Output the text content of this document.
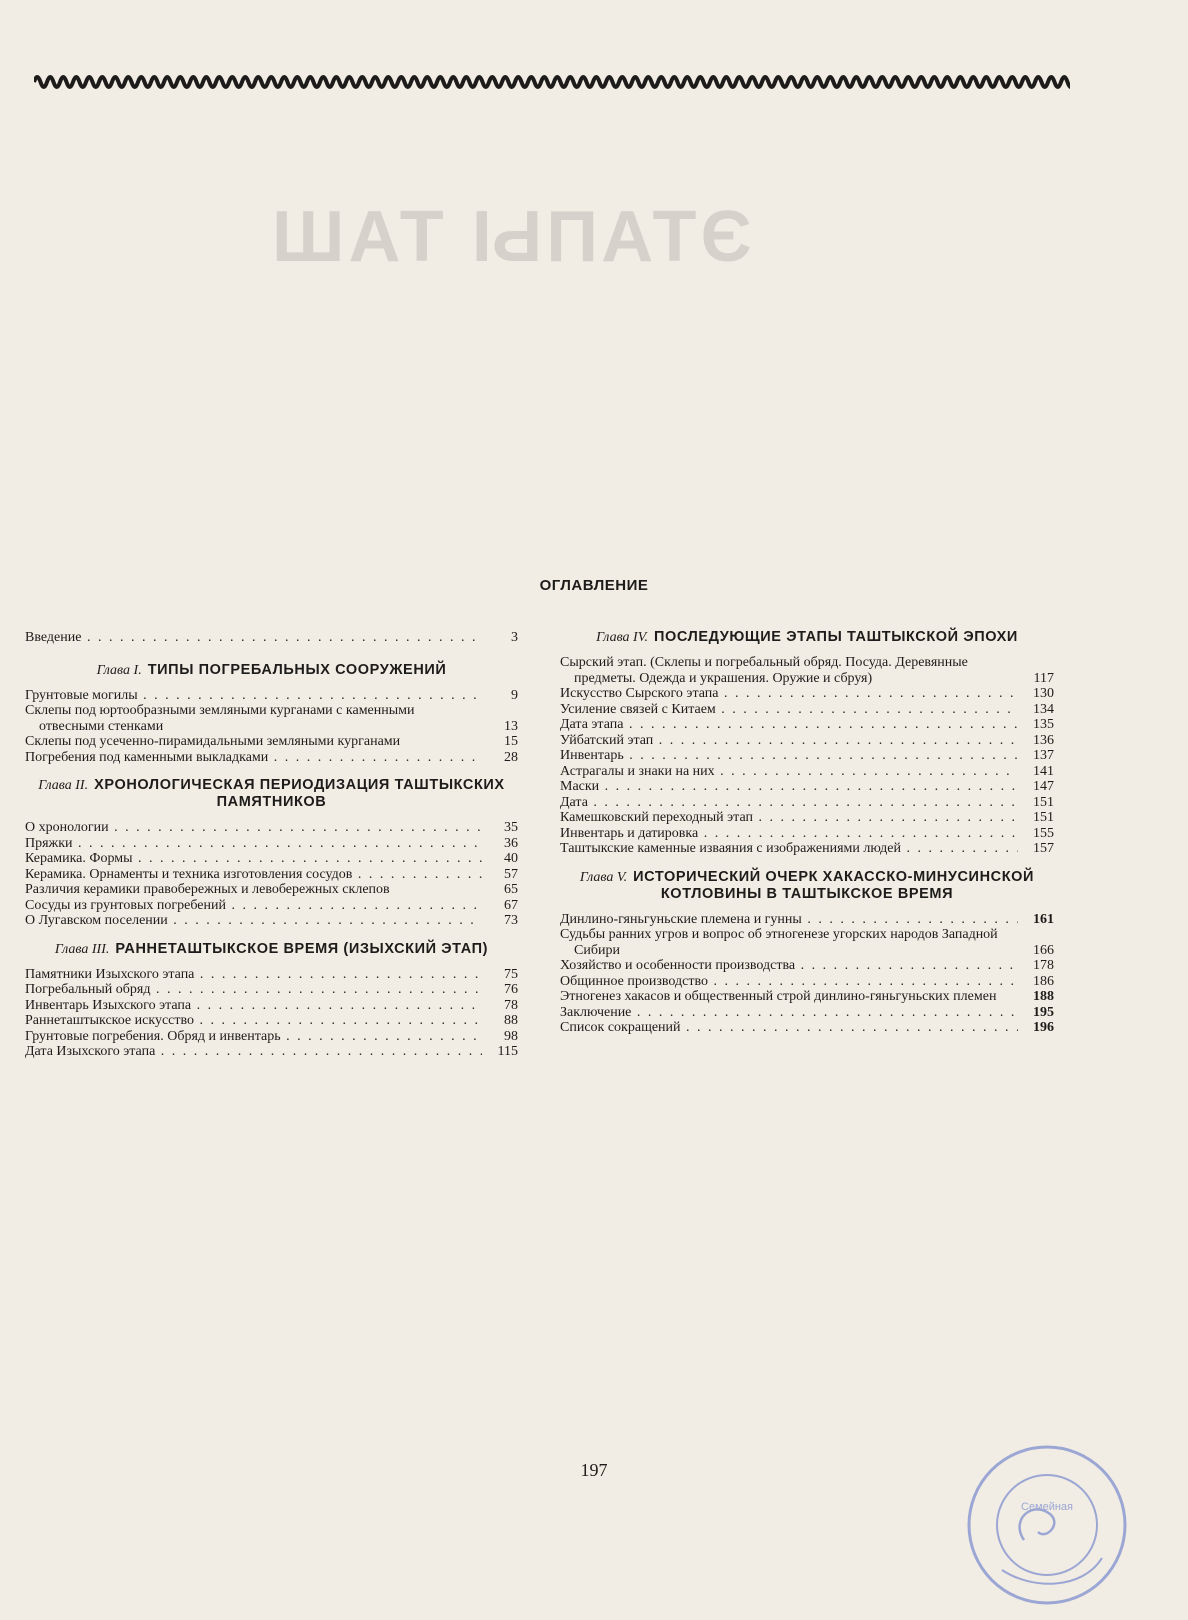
ЭТАПЫ ТАШ
ОГЛАВЛЕНИЕ
Введение . . .	3
Глава I. ТИПЫ ПОГРЕБАЛЬНЫХ СООРУЖЕНИЙ
Грунтовые могилы . . .	9
Склепы под юртообразными земляными курганами с каменными отвесными стенками	13
Склепы под усеченно-пирамидальными земляными курганами	15
Погребения под каменными выкладками . . .	28
Глава II. ХРОНОЛОГИЧЕСКАЯ ПЕРИОДИЗАЦИЯ ТАШТЫКСКИХ ПАМЯТНИКОВ
О хронологии . . .	35
Пряжки . . .	36
Керамика. Формы . . .	40
Керамика. Орнаменты и техника изготовления сосудов . . .	57
Различия керамики правобережных и левобережных склепов	65
Сосуды из грунтовых погребений . . .	67
О Лугавском поселении . . .	73
Глава III. РАННЕТАШТЫКСКОЕ ВРЕМЯ (ИЗЫХСКИЙ ЭТАП)
Памятники Изыхского этапа . . .	75
Погребальный обряд . . .	76
Инвентарь Изыхского этапа . . .	78
Раннеташтыкское искусство . . .	88
Грунтовые погребения. Обряд и инвентарь . . .	98
Дата Изыхского этапа . . .	115
Глава IV. ПОСЛЕДУЮЩИЕ ЭТАПЫ ТАШТЫКСКОЙ ЭПОХИ
Сырский этап. (Склепы и погребальный обряд. Посуда. Деревянные предметы. Одежда и украшения. Оружие и сбруя)	117
Искусство Сырского этапа . . .	130
Усиление связей с Китаем . . .	134
Дата этапа . . .	135
Уйбатский этап . . .	136
Инвентарь . . .	137
Астрагалы и знаки на них . . .	141
Маски . . .	147
Дата . . .	151
Камешковский переходный этап . . .	151
Инвентарь и датировка . . .	155
Таштыкские каменные изваяния с изображениями людей . . .	157
Глава V. ИСТОРИЧЕСКИЙ ОЧЕРК ХАКАССКО-МИНУСИНСКОЙ КОТЛОВИНЫ В ТАШТЫКСКОЕ ВРЕМЯ
Динлино-гяньгуньские племена и гунны . . .	161
Судьбы ранних угров и вопрос об этногенезе угорских народов Западной Сибири	166
Хозяйство и особенности производства . . .	178
Общинное производство . . .	186
Этногенез хакасов и общественный строй динлино-гяньгуньских племен	188
Заключение . . .	195
Список сокращений . . .	196
197
Семейная
